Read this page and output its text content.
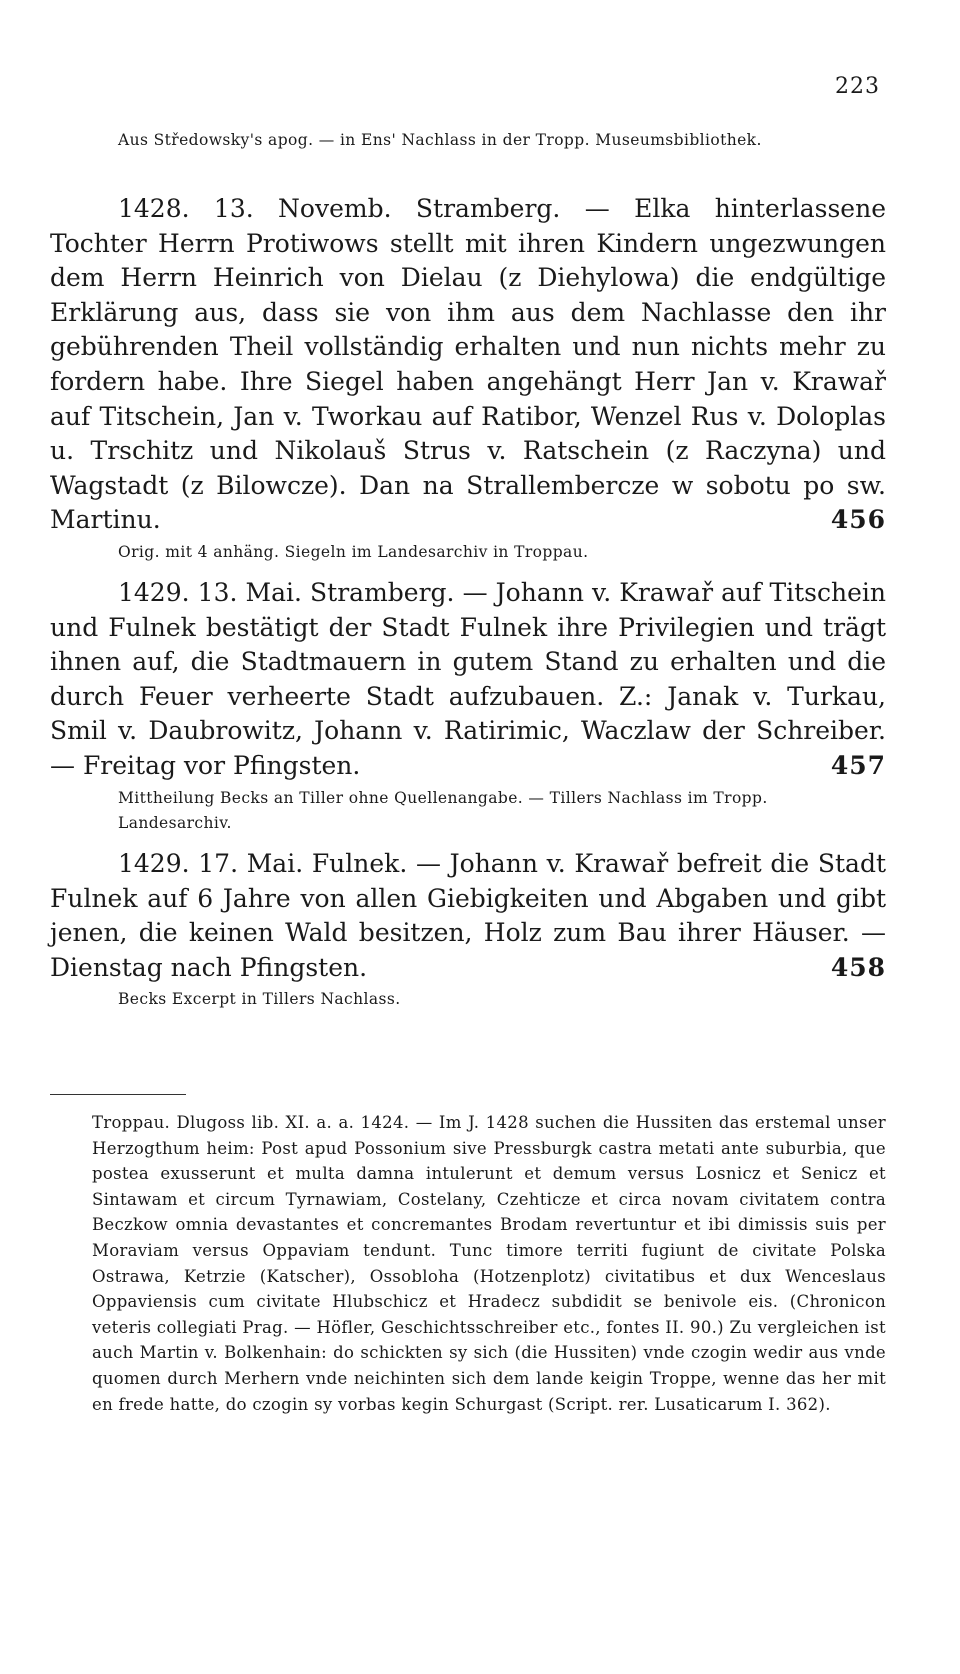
223

Aus Středowsky's apog. — in Ens' Nachlass in der Tropp. Museumsbibliothek.

1428. 13. Novemb. Stramberg. — Elka hinterlassene Tochter Herrn Protiwows stellt mit ihren Kindern ungezwungen dem Herrn Heinrich von Dielau (z Diehylowa) die endgültige Erklärung aus, dass sie von ihm aus dem Nachlasse den ihr gebührenden Theil vollständig erhalten und nun nichts mehr zu fordern habe. Ihre Siegel haben angehängt Herr Jan v. Krawař auf Titschein, Jan v. Tworkau auf Ratibor, Wenzel Rus v. Doloplas u. Trschitz und Nikolauš Strus v. Ratschein (z Raczyna) und Wagstadt (z Bilowcze). Dan na Strallembercze w sobotu po sw. Martinu.	456

Orig. mit 4 anhäng. Siegeln im Landesarchiv in Troppau.

1429. 13. Mai. Stramberg. — Johann v. Krawař auf Titschein und Fulnek bestätigt der Stadt Fulnek ihre Privilegien und trägt ihnen auf, die Stadtmauern in gutem Stand zu erhalten und die durch Feuer verheerte Stadt aufzubauen. Z.: Janak v. Turkau, Smil v. Daubrowitz, Johann v. Ratirimic, Waczlaw der Schreiber. — Freitag vor Pfingsten.	457

Mittheilung Becks an Tiller ohne Quellenangabe. — Tillers Nachlass im Tropp. Landesarchiv.

1429. 17. Mai. Fulnek. — Johann v. Krawař befreit die Stadt Fulnek auf 6 Jahre von allen Giebigkeiten und Abgaben und gibt jenen, die keinen Wald besitzen, Holz zum Bau ihrer Häuser. — Dienstag nach Pfingsten.	458

Becks Excerpt in Tillers Nachlass.

Troppau. Dlugoss lib. XI. a. a. 1424. — Im J. 1428 suchen die Hussiten das erstemal unser Herzogthum heim: Post apud Possonium sive Pressburgk castra metati ante suburbia, que postea exusserunt et multa damna intulerunt et demum versus Losnicz et Senicz et Sintawam et circum Tyrnawiam, Costelany, Czehticze et circa novam civitatem contra Beczkow omnia devastantes et concremantes Brodam revertuntur et ibi dimissis suis per Moraviam versus Oppaviam tendunt. Tunc timore territi fugiunt de civitate Polska Ostrawa, Ketrzie (Katscher), Ossobloha (Hotzenplotz) civitatibus et dux Wenceslaus Oppaviensis cum civitate Hlubschicz et Hradecz subdidit se benivole eis. (Chronicon veteris collegiati Prag. — Höfler, Geschichtsschreiber etc., fontes II. 90.) Zu vergleichen ist auch Martin v. Bolkenhain: do schickten sy sich (die Hussiten) vnde czogin wedir aus vnde quomen durch Merhern vnde neichinten sich dem lande keigin Troppe, wenne das her mit en frede hatte, do czogin sy vorbas kegin Schurgast (Script. rer. Lusaticarum I. 362).
